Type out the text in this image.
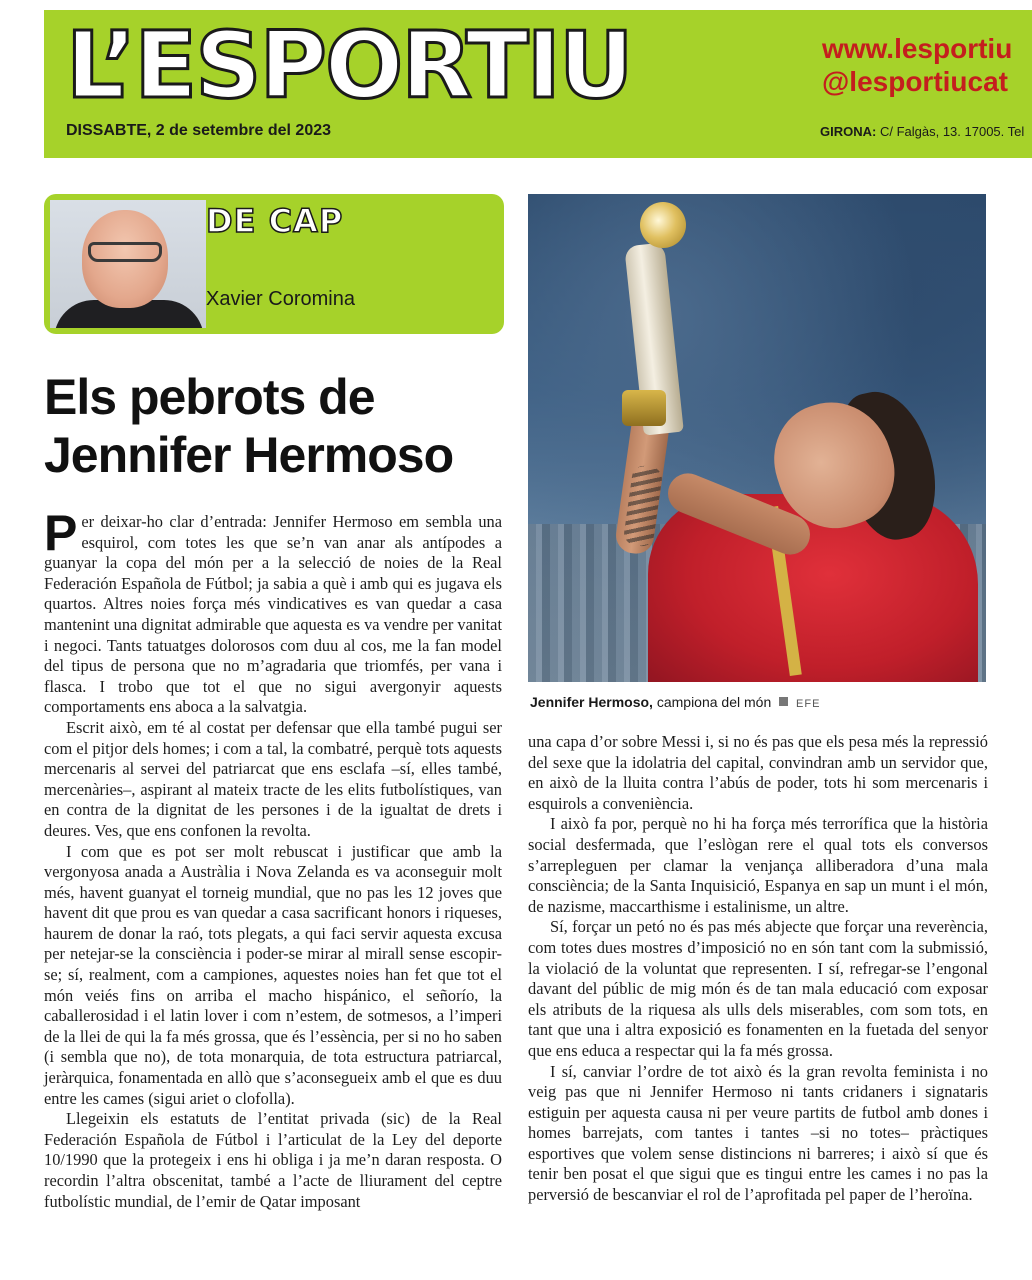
L’ESPORTIU	www.lesportiu
@lesportiucat
DISSABTE, 2 de setembre del 2023	GIRONA: C/ Falgàs, 13. 17005. Tel
DE CAP
Xavier Coromina
Els pebrots de
Jennifer Hermoso

Per deixar-ho clar d’entrada: Jennifer Hermoso em sembla una esquirol, com totes les que se’n van anar als antípodes a guanyar la copa del món per a la selecció de noies de la Real Federación Española de Fútbol; ja sabia a què i amb qui es jugava els quartos. Altres noies força més vindicatives es van quedar a casa mantenint una dignitat admirable que aquesta es va vendre per vanitat i negoci. Tants tatuatges dolorosos com duu al cos, me la fan model del tipus de persona que no m’agradaria que triomfés, per vana i flasca. I trobo que tot el que no sigui avergonyir aquests comportaments ens aboca a la salvatgia.

Escrit això, em té al costat per defensar que ella també pugui ser com el pitjor dels homes; i com a tal, la combatré, perquè tots aquests mercenaris al servei del patriarcat que ens esclafa –sí, elles també, mercenàries–, aspirant al mateix tracte de les elits futbolístiques, van en contra de la dignitat de les persones i de la igualtat de drets i deures. Ves, que ens confonen la revolta.

I com que es pot ser molt rebuscat i justificar que amb la vergonyosa anada a Austràlia i Nova Zelanda es va aconseguir molt més, havent guanyat el torneig mundial, que no pas les 12 joves que havent dit que prou es van quedar a casa sacrificant honors i riqueses, haurem de donar la raó, tots plegats, a qui faci servir aquesta excusa per netejar-se la consciència i poder-se mirar al mirall sense escopir-se; sí, realment, com a campiones, aquestes noies han fet que tot el món veiés fins on arriba el macho hispánico, el señorío, la caballerosidad i el latin lover i com n’estem, de sotmesos, a l’imperi de la llei de qui la fa més grossa, que és l’essència, per si no ho saben (i sembla que no), de tota monarquia, de tota estructura patriarcal, jeràrquica, fonamentada en allò que s’aconsegueix amb el que es duu entre les cames (sigui ariet o clofolla).

Llegeixin els estatuts de l’entitat privada (sic) de la Real Federación Española de Fútbol i l’articulat de la Ley del deporte 10/1990 que la protegeix i ens hi obliga i ja me’n daran resposta. O recordin l’altra obscenitat, també a l’acte de lliurament del ceptre futbolístic mundial, de l’emir de Qatar imposant

Jennifer Hermoso, campiona del món EFE

una capa d’or sobre Messi i, si no és pas que els pesa més la repressió del sexe que la idolatria del capital, convindran amb un servidor que, en això de la lluita contra l’abús de poder, tots hi som mercenaris i esquirols a conveniència.

I això fa por, perquè no hi ha força més terrorífica que la història social desfermada, que l’eslògan rere el qual tots els conversos s’arrepleguen per clamar la venjança alliberadora d’una mala consciència; de la Santa Inquisició, Espanya en sap un munt i el món, de nazisme, maccarthisme i estalinisme, un altre.

Sí, forçar un petó no és pas més abjecte que forçar una reverència, com totes dues mostres d’imposició no en són tant com la submissió, la violació de la voluntat que representen. I sí, refregar-se l’engonal davant del públic de mig món és de tan mala educació com exposar els atributs de la riquesa als ulls dels miserables, com som tots, en tant que una i altra exposició es fonamenten en la fuetada del senyor que ens educa a respectar qui la fa més grossa.

I sí, canviar l’ordre de tot això és la gran revolta feminista i no veig pas que ni Jennifer Hermoso ni tants cridaners i signataris estiguin per aquesta causa ni per veure partits de futbol amb dones i homes barrejats, com tantes i tantes –si no totes– pràctiques esportives que volem sense distincions ni barreres; i això sí que és tenir ben posat el que sigui que es tingui entre les cames i no pas la perversió de bescanviar el rol de l’aprofitada pel paper de l’heroïna.
